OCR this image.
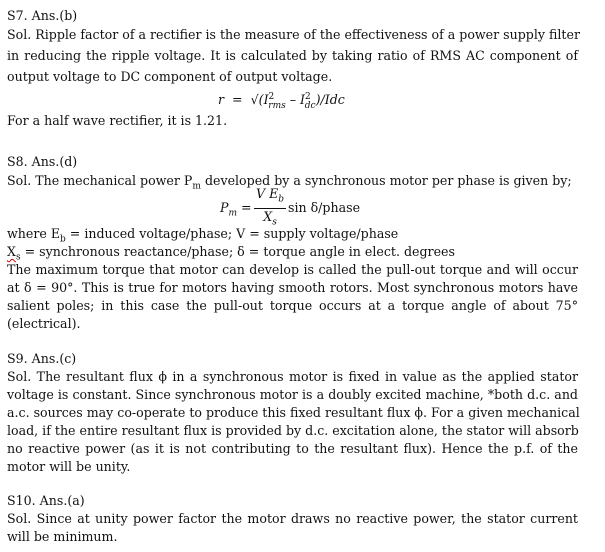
S7. Ans.(b)
Sol. Ripple factor of a rectifier is the measure of the effectiveness of a power supply filter
in reducing the ripple voltage. It is calculated by taking ratio of RMS AC component of
output voltage to DC component of output voltage.
$r = √(I^2_{rms} - I^2_{dc})/Idc$
For a half wave rectifier, it is 1.21.
S8. Ans.(d)
Sol. The mechanical power $P_m$ developed by a synchronous motor per phase is given by;
$P_m = \frac{V E_b}{X_s}$ sin δ/phase
where $E_b$ = induced voltage/phase; V = supply voltage/phase
$X_s$ = synchronous reactance/phase; δ = torque angle in elect. degrees
The maximum torque that motor can develop is called the pull-out torque and will occur
at δ = 90°. This is true for motors having smooth rotors. Most synchronous motors have
salient poles; in this case the pull-out torque occurs at a torque angle of about 75°
(electrical).
S9. Ans.(c)
Sol. The resultant flux ϕ in a synchronous motor is fixed in value as the applied stator
voltage is constant. Since synchronous motor is a doubly excited machine, *both d.c. and
a.c. sources may co-operate to produce this fixed resultant flux ϕ. For a given mechanical
load, if the entire resultant flux is provided by d.c. excitation alone, the stator will absorb
no reactive power (as it is not contributing to the resultant flux). Hence the p.f. of the
motor will be unity.
S10. Ans.(a)
Sol. Since at unity power factor the motor draws no reactive power, the stator current
will be minimum.
